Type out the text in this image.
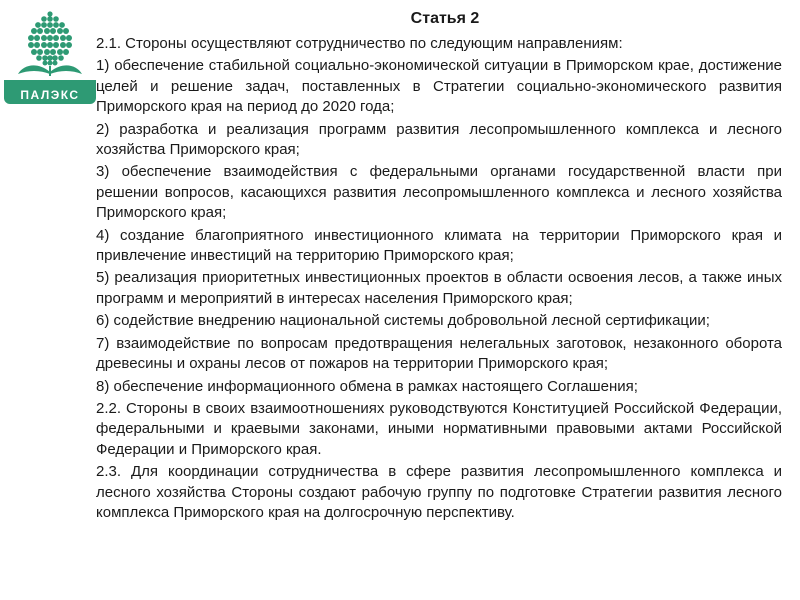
ПАЛЭКС
Статья 2

2.1. Стороны осуществляют сотрудничество по следующим направлениям:

1) обеспечение стабильной социально-экономической ситуации в Приморском крае, достижение целей и решение задач, поставленных в Стратегии социально-экономического развития Приморского края на период до 2020 года;

2) разработка и реализация программ развития лесопромышленного комплекса и лесного хозяйства Приморского края;

3) обеспечение взаимодействия с федеральными органами государственной власти при решении вопросов, касающихся развития лесопромышленного комплекса и лесного хозяйства Приморского края;

4) создание благоприятного инвестиционного климата на территории Приморского края и привлечение инвестиций на территорию Приморского края;

5) реализация приоритетных инвестиционных проектов в области освоения лесов, а также иных программ и мероприятий в интересах населения Приморского края;

6) содействие внедрению национальной системы добровольной лесной сертификации;

7) взаимодействие по вопросам предотвращения нелегальных заготовок, незаконного оборота древесины и охраны лесов от пожаров на территории Приморского края;

8) обеспечение информационного обмена в рамках настоящего Соглашения;

2.2. Стороны в своих взаимоотношениях руководствуются Конституцией Российской Федерации, федеральными и краевыми законами, иными нормативными правовыми актами Российской Федерации и Приморского края.

2.3. Для координации сотрудничества в сфере развития лесопромышленного комплекса и лесного хозяйства Стороны создают рабочую группу по подготовке Стратегии развития лесного комплекса Приморского края на долгосрочную перспективу.
